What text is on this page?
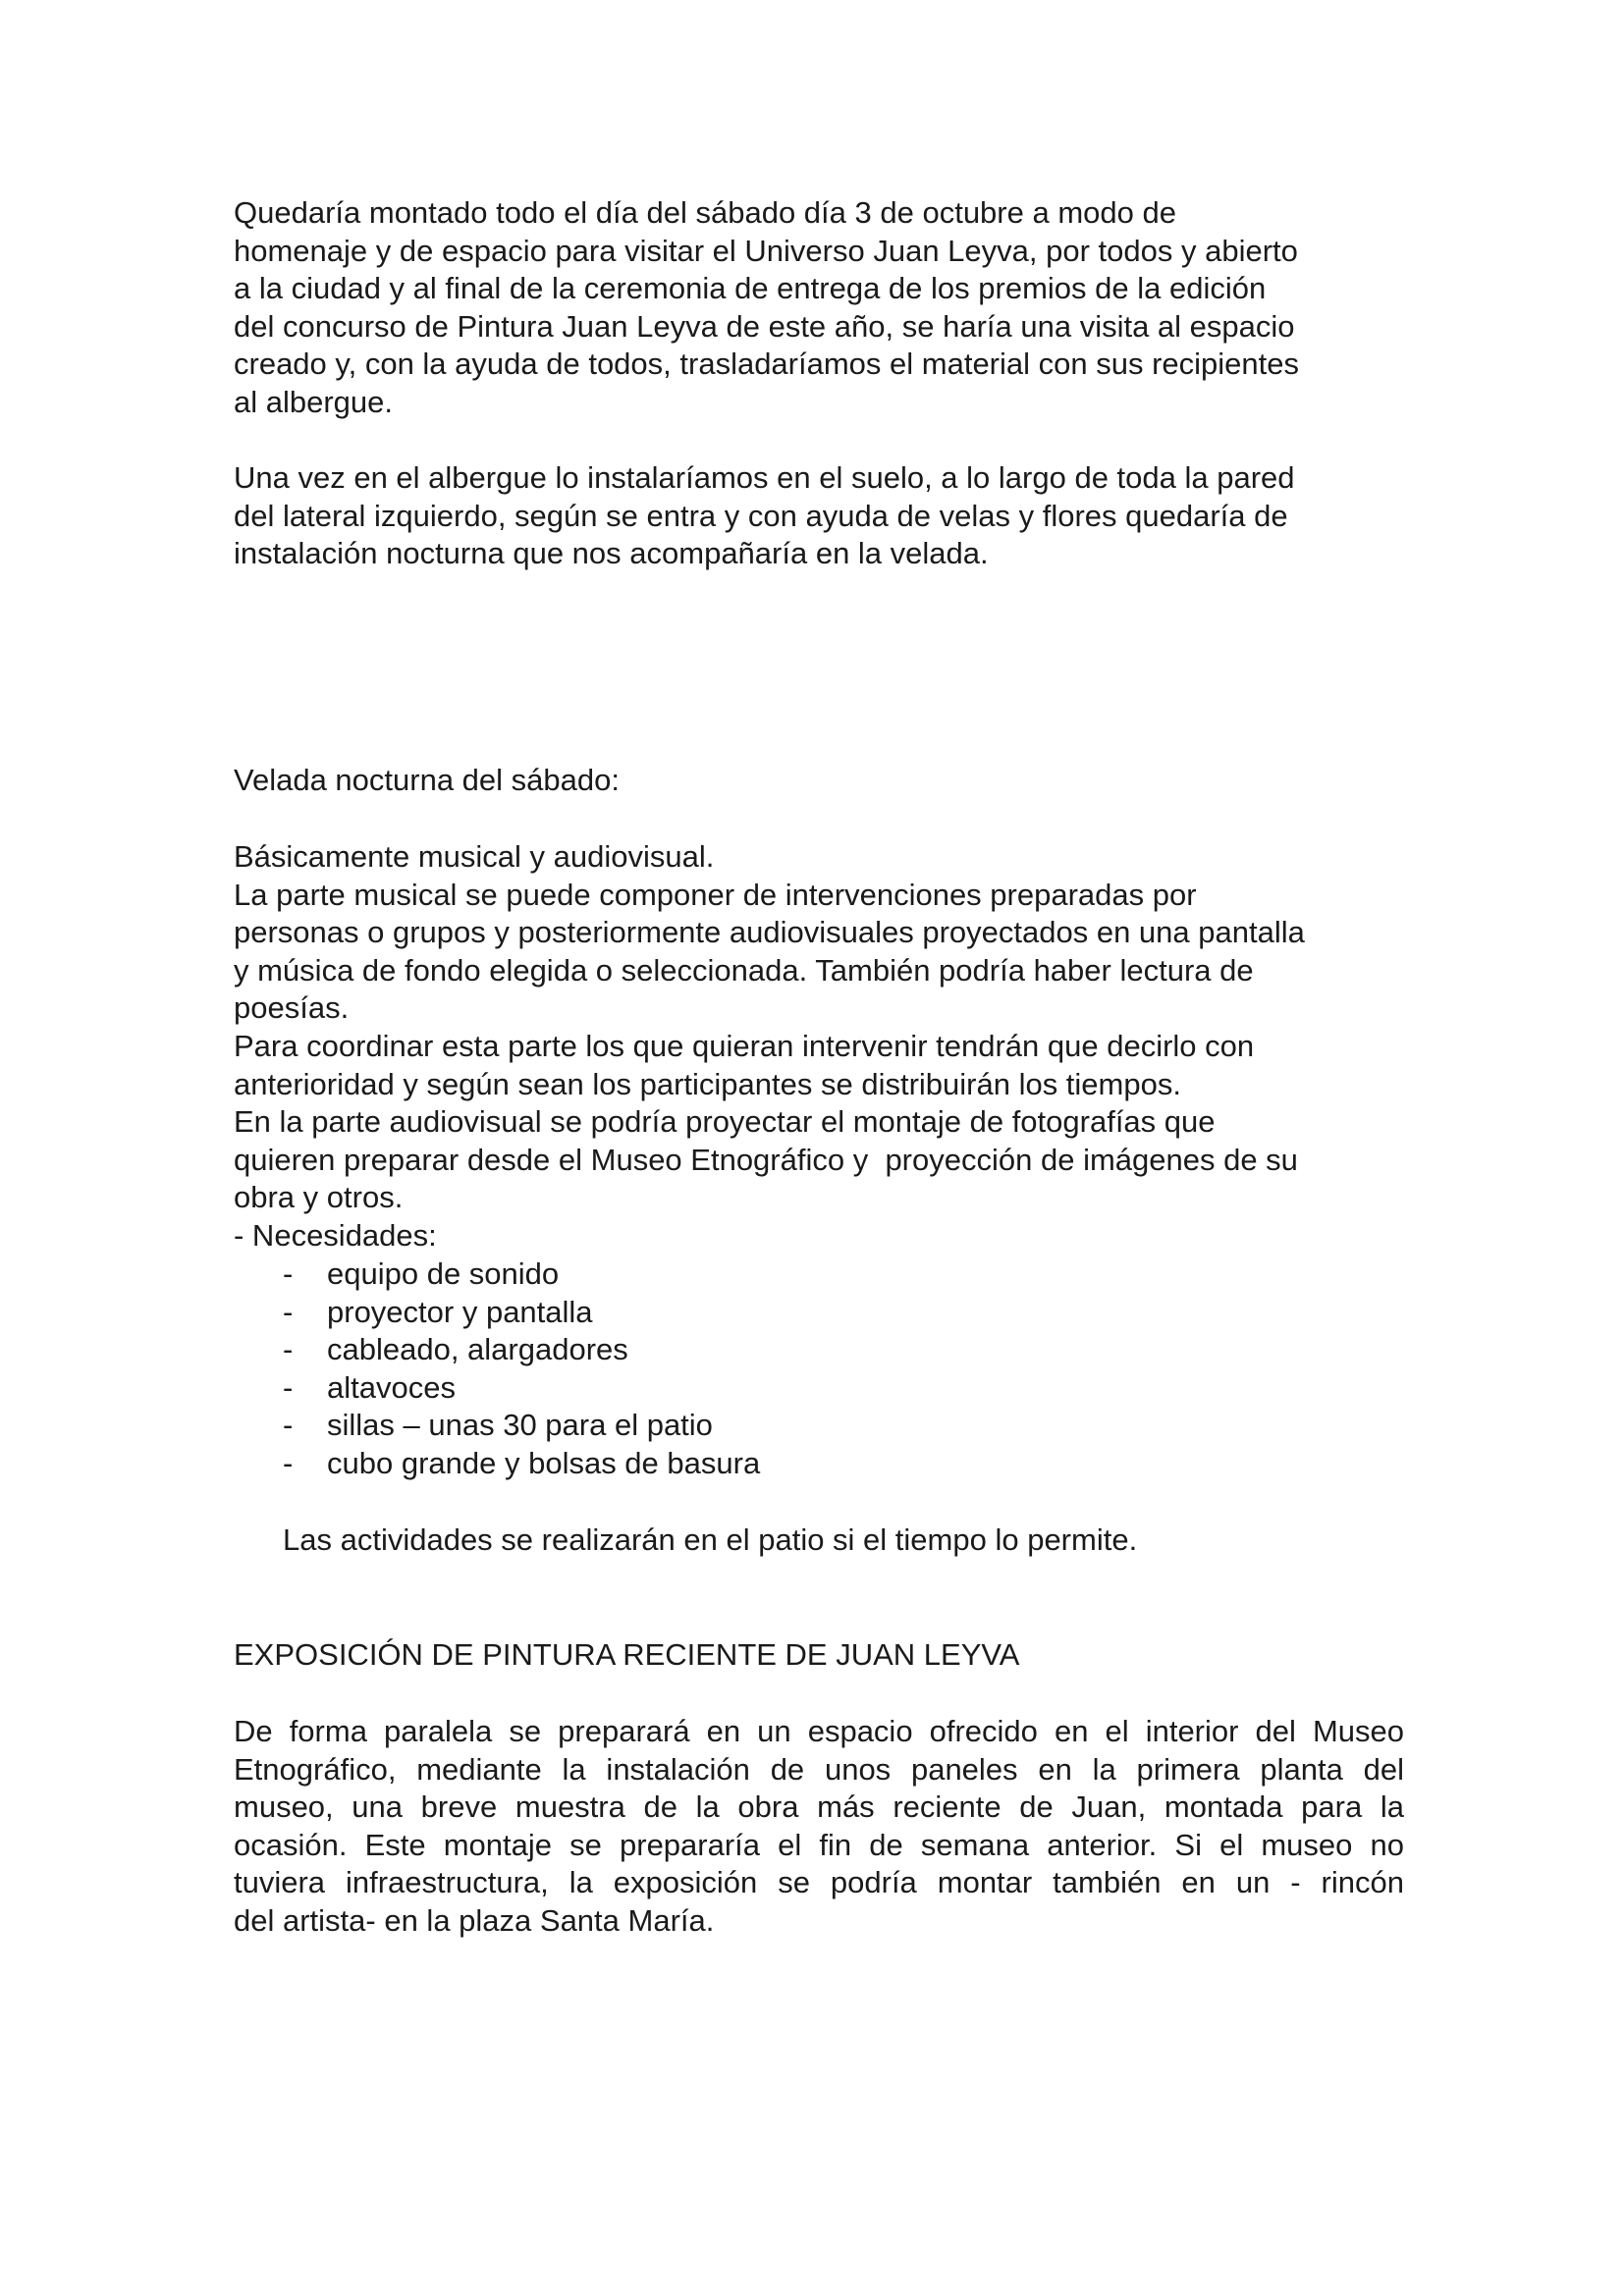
Quedaría montado todo el día del sábado día 3 de octubre a modo de
homenaje y de espacio para visitar el Universo Juan Leyva, por todos y abierto
a la ciudad y al final de la ceremonia de entrega de los premios de la edición
del concurso de Pintura Juan Leyva de este año, se haría una visita al espacio
creado y, con la ayuda de todos, trasladaríamos el material con sus recipientes
al albergue.
Una vez en el albergue lo instalaríamos en el suelo, a lo largo de toda la pared
del lateral izquierdo, según se entra y con ayuda de velas y flores quedaría de
instalación nocturna que nos acompañaría en la velada.
Velada nocturna del sábado:
Básicamente musical y audiovisual.
La parte musical se puede componer de intervenciones preparadas por
personas o grupos y posteriormente audiovisuales proyectados en una pantalla
y música de fondo elegida o seleccionada. También podría haber lectura de
poesías.
Para coordinar esta parte los que quieran intervenir tendrán que decirlo con
anterioridad y según sean los participantes se distribuirán los tiempos.
En la parte audiovisual se podría proyectar el montaje de fotografías que
quieren preparar desde el Museo Etnográfico y  proyección de imágenes de su
obra y otros.
- Necesidades:
- equipo de sonido
- proyector y pantalla
- cableado, alargadores
- altavoces
- sillas – unas 30 para el patio
- cubo grande y bolsas de basura
Las actividades se realizarán en el patio si el tiempo lo permite.
EXPOSICIÓN DE PINTURA RECIENTE DE JUAN LEYVA
De forma paralela se preparará en un espacio ofrecido en el interior del Museo
Etnográfico, mediante la instalación de unos paneles en la primera planta del
museo, una breve muestra de la obra más reciente de Juan, montada para la
ocasión. Este montaje se prepararía el fin de semana anterior. Si el museo no
tuviera infraestructura, la exposición se podría montar también en un - rincón
del artista- en la plaza Santa María.
